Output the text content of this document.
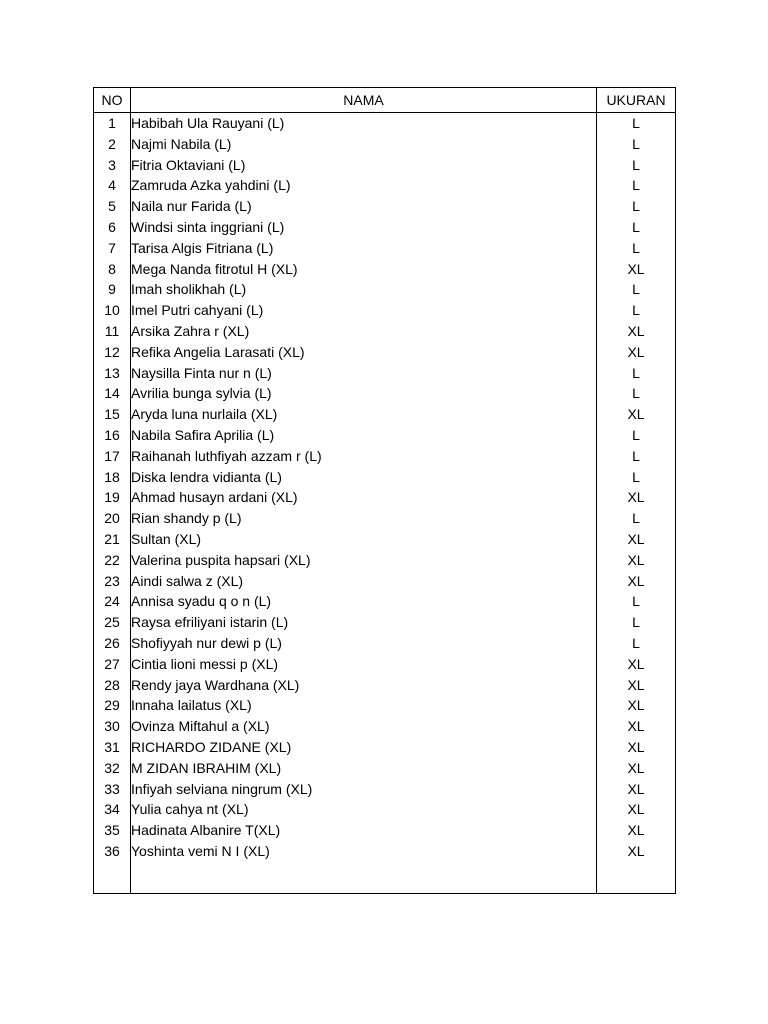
NO	NAMA	UKURAN
1	Habibah Ula Rauyani (L)	L
2	Najmi Nabila (L)	L
3	Fitria Oktaviani (L)	L
4	Zamruda Azka yahdini (L)	L
5	Naila nur Farida (L)	L
6	Windsi sinta inggriani (L)	L
7	Tarisa Algis Fitriana (L)	L
8	Mega Nanda fitrotul H (XL)	XL
9	Imah sholikhah (L)	L
10	Imel Putri cahyani (L)	L
11	Arsika Zahra r (XL)	XL
12	Refika Angelia Larasati (XL)	XL
13	Naysilla Finta nur n (L)	L
14	Avrilia bunga sylvia (L)	L
15	Aryda luna nurlaila (XL)	XL
16	Nabila Safira Aprilia (L)	L
17	Raihanah luthfiyah azzam r (L)	L
18	Diska lendra vidianta (L)	L
19	Ahmad husayn ardani (XL)	XL
20	Rian shandy p (L)	L
21	Sultan (XL)	XL
22	Valerina puspita hapsari (XL)	XL
23	Aindi salwa z (XL)	XL
24	Annisa syadu q o n (L)	L
25	Raysa efriliyani istarin (L)	L
26	Shofiyyah nur dewi p (L)	L
27	Cintia lioni messi p (XL)	XL
28	Rendy jaya Wardhana (XL)	XL
29	Innaha lailatus (XL)	XL
30	Ovinza Miftahul a (XL)	XL
31	RICHARDO ZIDANE (XL)	XL
32	M ZIDAN IBRAHIM (XL)	XL
33	Infiyah selviana ningrum (XL)	XL
34	Yulia cahya nt (XL)	XL
35	Hadinata Albanire T(XL)	XL
36	Yoshinta vemi N I (XL)	XL
